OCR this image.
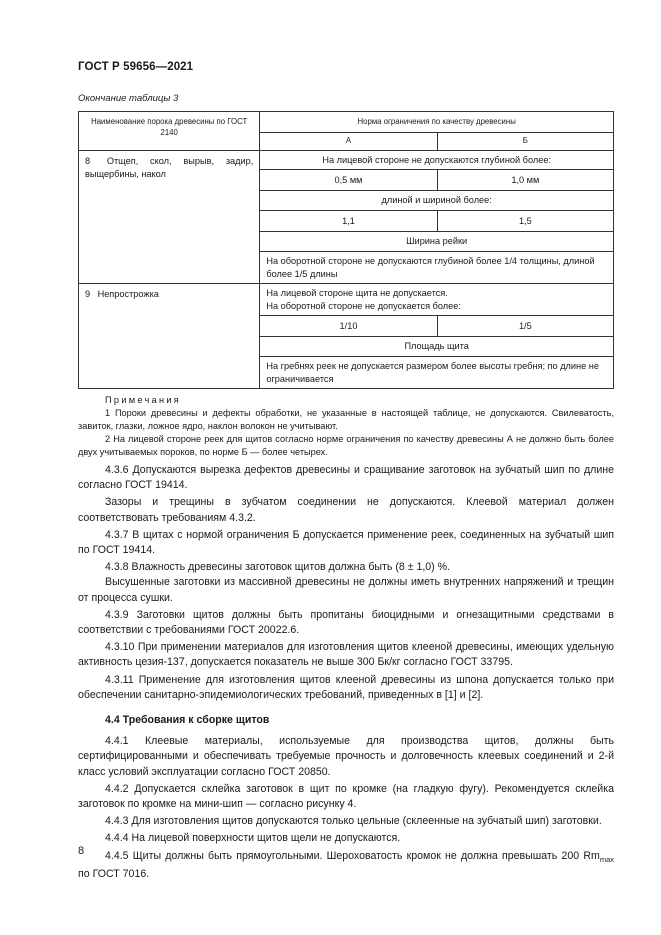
ГОСТ Р 59656—2021
Окончание таблицы 3
Наименование порока древесины по ГОСТ 2140	Норма ограничения по качеству древесины	
	А	Б
8 Отщеп, скол, вырыв, задир, выщербины, накол	На лицевой стороне не допускаются глубиной более:	
	0,5 мм	1,0 мм
	длиной и шириной более:	
	1,1	1,5
	Ширина рейки	
	На оборотной стороне не допускаются глубиной более 1/4 толщины, длиной более 1/5 длины	
9 Непрострожка	На лицевой стороне щита не допускается.
На оборотной стороне не допускается более:	

	1/10	1/5
	Площадь щита	
	На гребнях реек не допускается размером более высоты гребня; по длине не ограничивается	
Примечания

1 Пороки древесины и дефекты обработки, не указанные в настоящей таблице, не допускаются. Свилеватость, завиток, глазки, ложное ядро, наклон волокон не учитывают.

2 На лицевой стороне реек для щитов согласно норме ограничения по качеству древесины А не должно быть более двух учитываемых пороков, по норме Б — более четырех.

4.3.6 Допускаются вырезка дефектов древесины и сращивание заготовок на зубчатый шип по длине согласно ГОСТ 19414.

Зазоры и трещины в зубчатом соединении не допускаются. Клеевой материал должен соответствовать требованиям 4.3.2.

4.3.7 В щитах с нормой ограничения Б допускается применение реек, соединенных на зубчатый шип по ГОСТ 19414.

4.3.8 Влажность древесины заготовок щитов должна быть (8 ± 1,0) %.

Высушенные заготовки из массивной древесины не должны иметь внутренних напряжений и трещин от процесса сушки.

4.3.9 Заготовки щитов должны быть пропитаны биоцидными и огнезащитными средствами в соответствии с требованиями ГОСТ 20022.6.

4.3.10 При применении материалов для изготовления щитов клееной древесины, имеющих удельную активность цезия-137, допускается показатель не выше 300 Бк/кг согласно ГОСТ 33795.

4.3.11 Применение для изготовления щитов клееной древесины из шпона допускается только при обеспечении санитарно-эпидемиологических требований, приведенных в [1] и [2].

4.4 Требования к сборке щитов

4.4.1 Клеевые материалы, используемые для производства щитов, должны быть сертифицированными и обеспечивать требуемые прочность и долговечность клеевых соединений и 2-й класс условий эксплуатации согласно ГОСТ 20850.

4.4.2 Допускается склейка заготовок в щит по кромке (на гладкую фугу). Рекомендуется склейка заготовок по кромке на мини-шип — согласно рисунку 4.

4.4.3 Для изготовления щитов допускаются только цельные (склеенные на зубчатый шип) заготовки.

4.4.4 На лицевой поверхности щитов щели не допускаются.

4.4.5 Щиты должны быть прямоугольными. Шероховатость кромок не должна превышать 200 $Rm_{max}$ по ГОСТ 7016.

8
